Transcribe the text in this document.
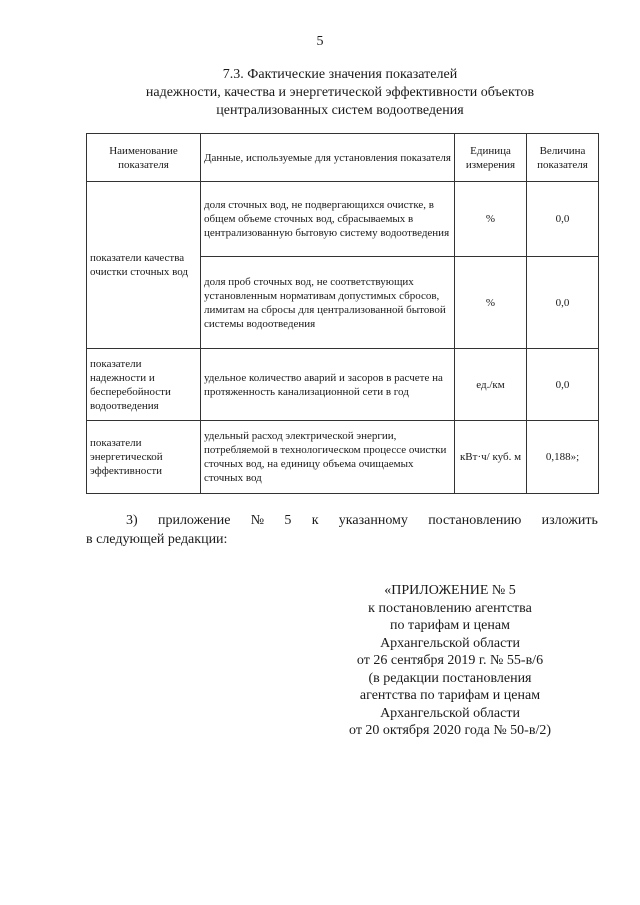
5
7.3. Фактические значения показателей
надежности, качества и энергетической эффективности объектов
централизованных систем водоотведения
Наименование показателя	Данные, используемые для установления показателя	Единица измерения	Величина показателя
показатели качества очистки сточных вод	доля сточных вод, не подвергающихся очистке, в общем объеме сточных вод, сбрасываемых в централизованную бытовую систему водоотведения	%	0,0
	доля проб сточных вод, не соответствующих установленным нормативам допустимых сбросов, лимитам на сбросы для централизованной бытовой системы водоотведения	%	0,0
показатели надежности и бесперебойности водоотведения	удельное количество аварий и засоров в расчете на протяженность канализационной сети в год	ед./км	0,0
показатели энергетической эффективности	удельный расход электрической энергии, потребляемой в технологическом процессе очистки сточных вод, на единицу объема очищаемых сточных вод	кВт·ч/ куб. м	0,188»;
3) приложение № 5 к указанному постановлению изложить
в следующей редакции:
«ПРИЛОЖЕНИЕ № 5
к постановлению агентства
по тарифам и ценам
Архангельской области
от 26 сентября 2019 г. № 55-в/6
(в редакции постановления
агентства по тарифам и ценам
Архангельской области
от 20 октября 2020 года № 50-в/2)
